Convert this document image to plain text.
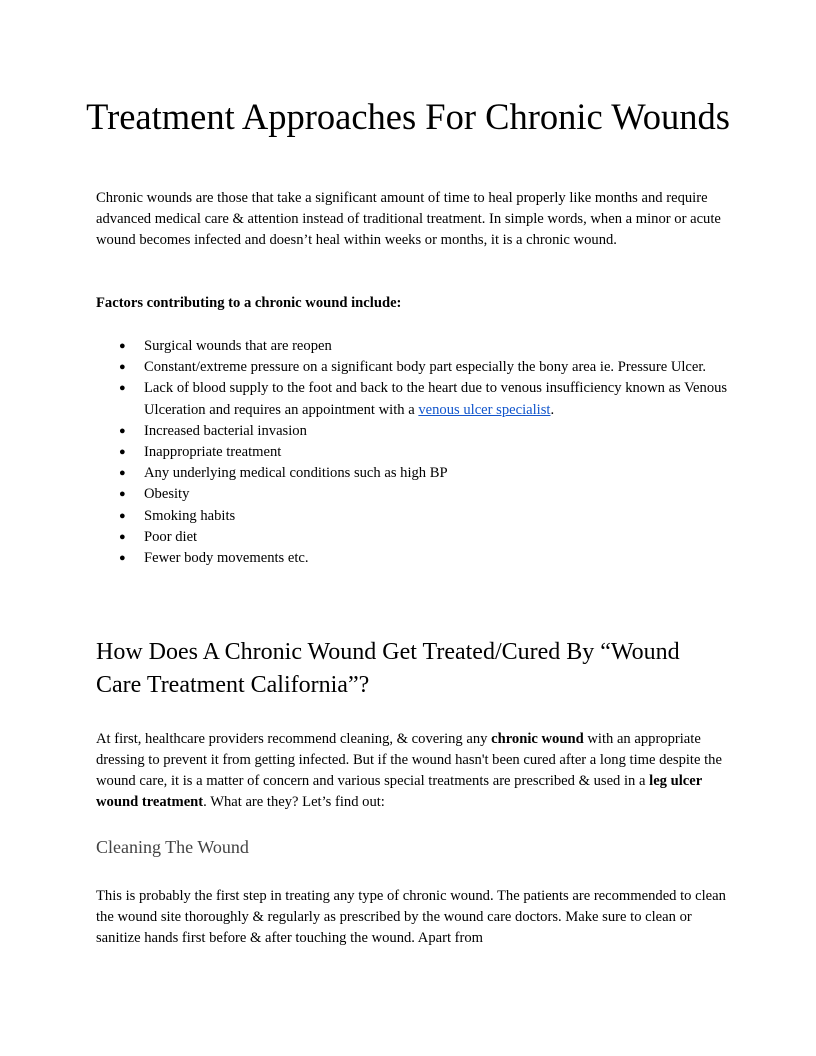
Treatment Approaches For Chronic Wounds

Chronic wounds are those that take a significant amount of time to heal properly like months and require advanced medical care & attention instead of traditional treatment. In simple words, when a minor or acute wound becomes infected and doesn’t heal within weeks or months, it is a chronic wound.

Factors contributing to a chronic wound include:

● Surgical wounds that are reopen
● Constant/extreme pressure on a significant body part especially the bony area ie. Pressure Ulcer.
● Lack of blood supply to the foot and back to the heart due to venous insufficiency known as Venous Ulceration and requires an appointment with a venous ulcer specialist.
● Increased bacterial invasion
● Inappropriate treatment
● Any underlying medical conditions such as high BP
● Obesity
● Smoking habits
● Poor diet
● Fewer body movements etc.
How Does A Chronic Wound Get Treated/Cured By “Wound Care Treatment California”?

At first, healthcare providers recommend cleaning, & covering any chronic wound with an appropriate dressing to prevent it from getting infected. But if the wound hasn't been cured after a long time despite the wound care, it is a matter of concern and various special treatments are prescribed & used in a leg ulcer wound treatment. What are they? Let’s find out:

Cleaning The Wound

This is probably the first step in treating any type of chronic wound. The patients are recommended to clean the wound site thoroughly & regularly as prescribed by the wound care doctors. Make sure to clean or sanitize hands first before & after touching the wound. Apart from
